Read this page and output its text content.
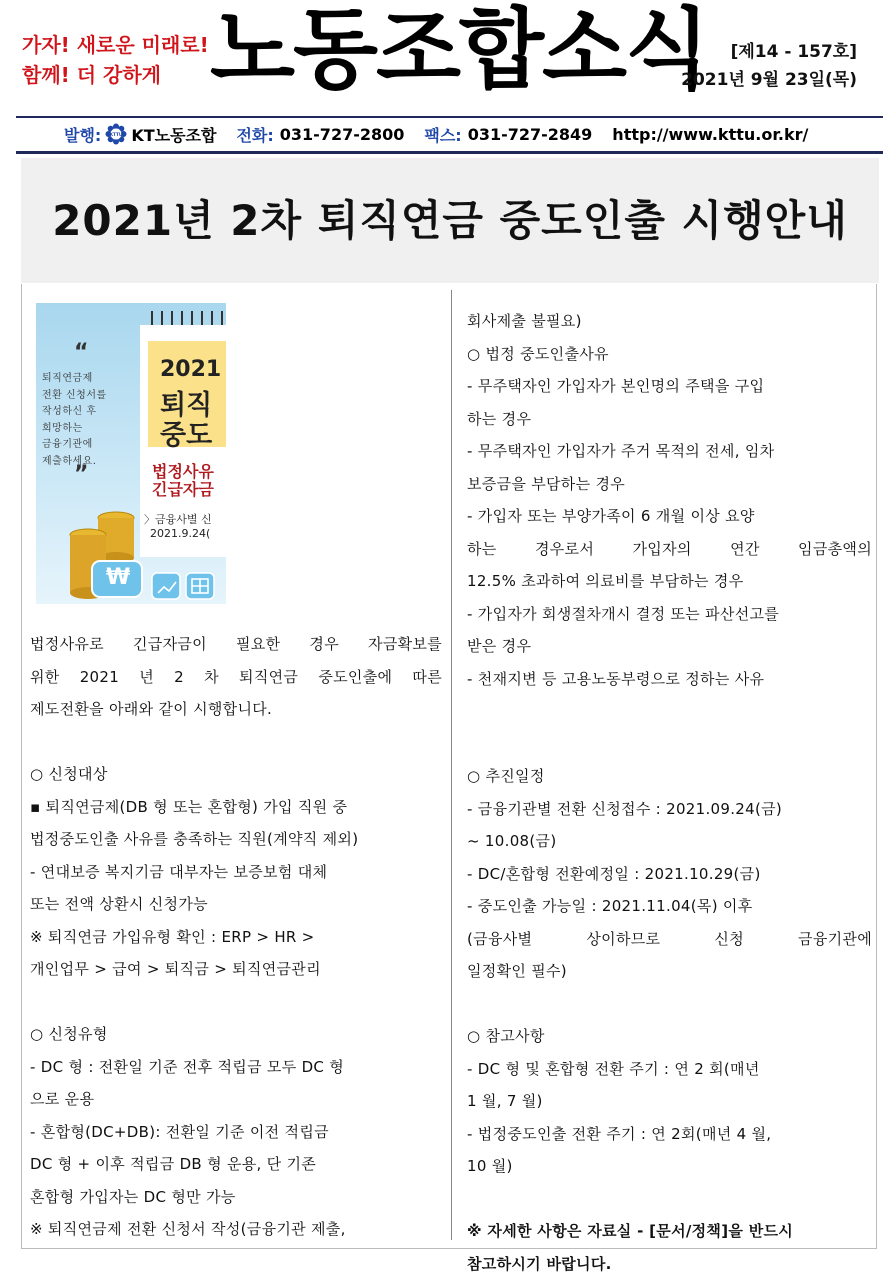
가자! 새로운 미래로!
함께! 더 강하게 노동조합소식	[제14 - 157호]
2021년 9월 23일(목)
발행: KTTU KT노동조합 전화: 031-727-2800 팩스: 031-727-2849 http://www.kttu.or.kr/
2021년 2차 퇴직연금 중도인출 시행안내
“
퇴직연금제
전환 신청서를
작성하신 후
희망하는
금융기관에
제출하세요.
”
2021
퇴직
중도
법정사유
긴급자금
〉금융사별 신
2021.9.24(
₩

법정사유로 긴급자금이 필요한 경우 자금확보를

위한 2021 년 2 차 퇴직연금 중도인출에 따른

제도전환을 아래와 같이 시행합니다.

○ 신청대상

▪ 퇴직연금제(DB 형 또는 혼합형) 가입 직원 중

법정중도인출 사유를 충족하는 직원(계약직 제외)

- 연대보증 복지기금 대부자는 보증보험 대체

또는 전액 상환시 신청가능

※ 퇴직연금 가입유형 확인 : ERP > HR >

개인업무 > 급여 > 퇴직금 > 퇴직연금관리

○ 신청유형

- DC 형 : 전환일 기준 전후 적립금 모두 DC 형

으로 운용

- 혼합형(DC+DB): 전환일 기준 이전 적립금

DC 형 + 이후 적립금 DB 형 운용, 단 기존

혼합형 가입자는 DC 형만 가능

※ 퇴직연금제 전환 신청서 작성(금융기관 제출,

회사제출 불필요)

○ 법정 중도인출사유

- 무주택자인 가입자가 본인명의 주택을 구입

하는 경우

- 무주택자인 가입자가 주거 목적의 전세, 임차

보증금을 부담하는 경우

- 가입자 또는 부양가족이 6 개월 이상 요양

하는 경우로서 가입자의 연간 임금총액의

12.5% 초과하여 의료비를 부담하는 경우

- 가입자가 회생절차개시 결정 또는 파산선고를

받은 경우

- 천재지변 등 고용노동부령으로 정하는 사유

○ 추진일정

- 금융기관별 전환 신청접수 : 2021.09.24(금)

~ 10.08(금)

- DC/혼합형 전환예정일 : 2021.10.29(금)

- 중도인출 가능일 : 2021.11.04(목) 이후

(금융사별 상이하므로 신청 금융기관에

일정확인 필수)

○ 참고사항

- DC 형 및 혼합형 전환 주기 : 연 2 회(매년

1 월, 7 월)

- 법정중도인출 전환 주기 : 연 2회(매년 4 월,

10 월)

※ 자세한 사항은 자료실 - [문서/정책]을 반드시

참고하시기 바랍니다.
